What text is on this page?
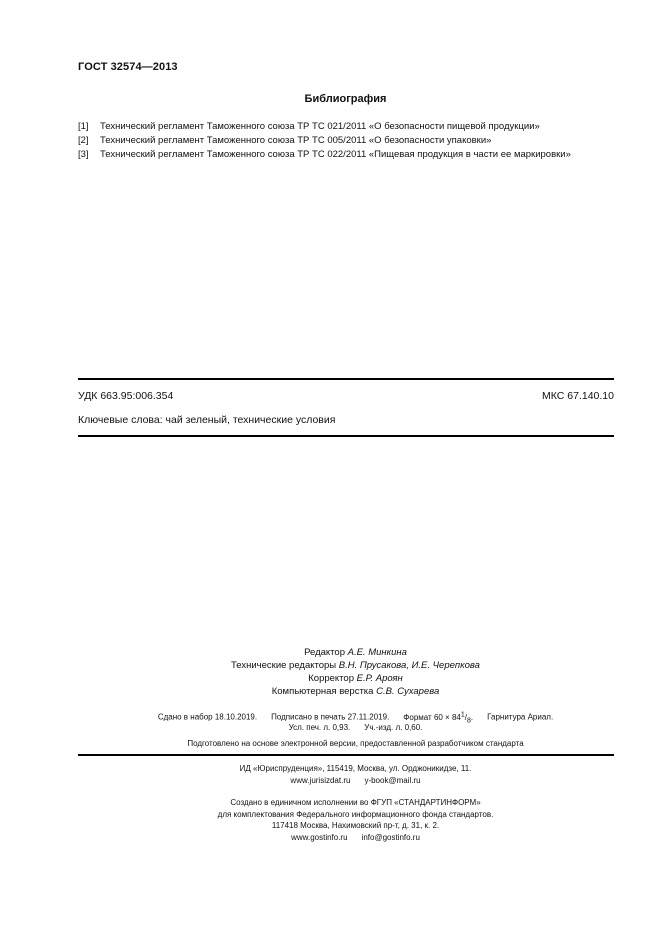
ГОСТ 32574—2013
Библиография
[1]	Технический регламент Таможенного союза ТР ТС 021/2011 «О безопасности пищевой продукции»
[2]	Технический регламент Таможенного союза ТР ТС 005/2011 «О безопасности упаковки»
[3]	Технический регламент Таможенного союза ТР ТС 022/2011 «Пищевая продукция в части ее маркировки»
УДК 663.95:006.354	МКС 67.140.10
Ключевые слова: чай зеленый, технические условия
Редактор А.Е. Минкина
Технические редакторы В.Н. Прусакова, И.Е. Черепкова
Корректор Е.Р. Ароян
Компьютерная верстка С.В. Сухарева
Сдано в набор 18.10.2019. Подписано в печать 27.11.2019. Формат $60 \times 84^1/_8$. Гарнитура Ариал.
Усл. печ. л. 0,93. Уч.-изд. л. 0,60.
Подготовлено на основе электронной версии, предоставленной разработчиком стандарта
ИД «Юриспруденция», 115419, Москва, ул. Орджоникидзе, 11.
www.jurisizdat.ru y-book@mail.ru
Создано в единичном исполнении во ФГУП «СТАНДАРТИНФОРМ»
для комплектования Федерального информационного фонда стандартов.
117418 Москва, Нахимовский пр-т, д. 31, к. 2.
www.gostinfo.ru info@gostinfo.ru
